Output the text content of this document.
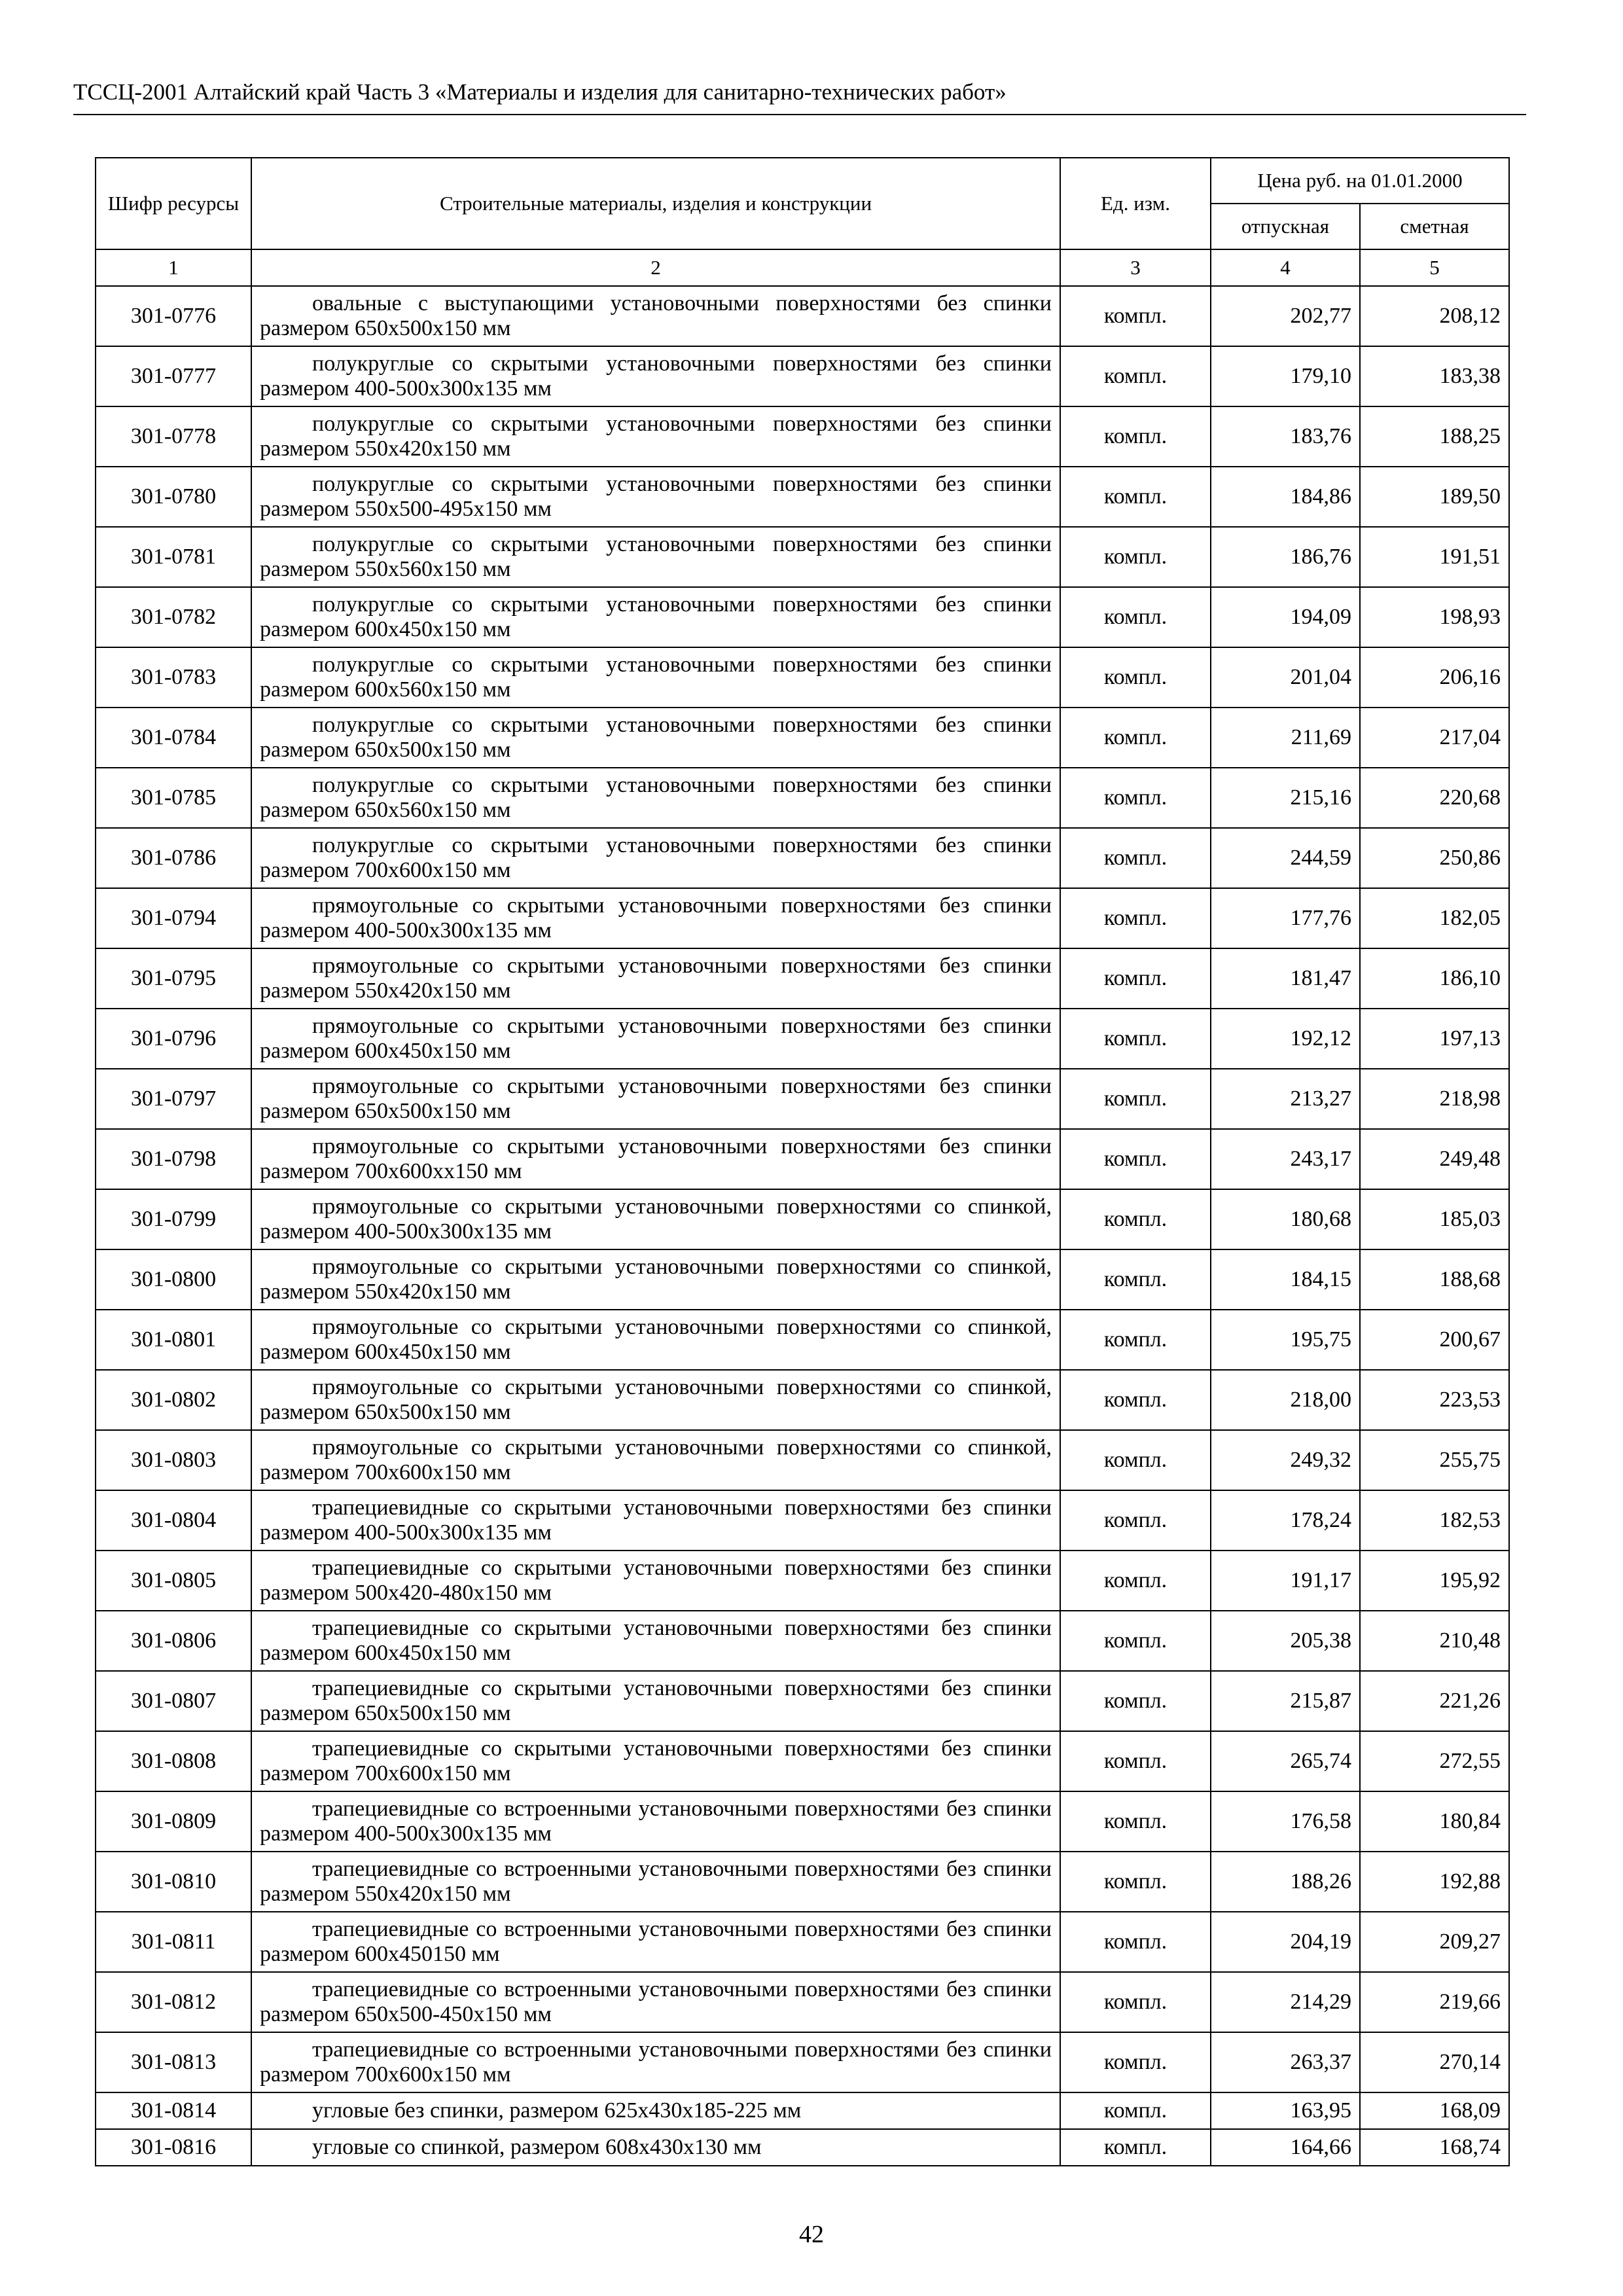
ТССЦ-2001 Алтайский край Часть 3 «Материалы и изделия для санитарно-технических работ»
Шифр ресурсы	Строительные материалы, изделия и конструкции	Ед. изм.	Цена руб. на 01.01.2000	
			отпускная	сметная
1	2	3	4	5
301-0776	овальные с выступающими установочными поверхностями без спинки размером 650х500х150 мм	компл.	202,77	208,12
301-0777	полукруглые со скрытыми установочными поверхностями без спинки размером 400-500х300х135 мм	компл.	179,10	183,38
301-0778	полукруглые со скрытыми установочными поверхностями без спинки размером 550х420х150 мм	компл.	183,76	188,25
301-0780	полукруглые со скрытыми установочными поверхностями без спинки размером 550х500-495х150 мм	компл.	184,86	189,50
301-0781	полукруглые со скрытыми установочными поверхностями без спинки размером 550х560х150 мм	компл.	186,76	191,51
301-0782	полукруглые со скрытыми установочными поверхностями без спинки размером 600х450х150 мм	компл.	194,09	198,93
301-0783	полукруглые со скрытыми установочными поверхностями без спинки размером 600х560х150 мм	компл.	201,04	206,16
301-0784	полукруглые со скрытыми установочными поверхностями без спинки размером 650х500х150 мм	компл.	211,69	217,04
301-0785	полукруглые со скрытыми установочными поверхностями без спинки размером 650х560х150 мм	компл.	215,16	220,68
301-0786	полукруглые со скрытыми установочными поверхностями без спинки размером 700х600х150 мм	компл.	244,59	250,86
301-0794	прямоугольные со скрытыми установочными поверхностями без спинки размером 400-500х300х135 мм	компл.	177,76	182,05
301-0795	прямоугольные со скрытыми установочными поверхностями без спинки размером 550х420х150 мм	компл.	181,47	186,10
301-0796	прямоугольные со скрытыми установочными поверхностями без спинки размером 600х450х150 мм	компл.	192,12	197,13
301-0797	прямоугольные со скрытыми установочными поверхностями без спинки размером 650х500х150 мм	компл.	213,27	218,98
301-0798	прямоугольные со скрытыми установочными поверхностями без спинки размером 700х600хх150 мм	компл.	243,17	249,48
301-0799	прямоугольные со скрытыми установочными поверхностями со спинкой, размером 400-500х300х135 мм	компл.	180,68	185,03
301-0800	прямоугольные со скрытыми установочными поверхностями со спинкой, размером 550х420х150 мм	компл.	184,15	188,68
301-0801	прямоугольные со скрытыми установочными поверхностями со спинкой, размером 600х450х150 мм	компл.	195,75	200,67
301-0802	прямоугольные со скрытыми установочными поверхностями со спинкой, размером 650х500х150 мм	компл.	218,00	223,53
301-0803	прямоугольные со скрытыми установочными поверхностями со спинкой, размером 700х600х150 мм	компл.	249,32	255,75
301-0804	трапециевидные со скрытыми установочными поверхностями без спинки размером 400-500х300х135 мм	компл.	178,24	182,53
301-0805	трапециевидные со скрытыми установочными поверхностями без спинки размером 500х420-480х150 мм	компл.	191,17	195,92
301-0806	трапециевидные со скрытыми установочными поверхностями без спинки размером 600х450х150 мм	компл.	205,38	210,48
301-0807	трапециевидные со скрытыми установочными поверхностями без спинки размером 650х500х150 мм	компл.	215,87	221,26
301-0808	трапециевидные со скрытыми установочными поверхностями без спинки размером 700х600х150 мм	компл.	265,74	272,55
301-0809	трапециевидные со встроенными установочными поверхностями без спинки размером 400-500х300х135 мм	компл.	176,58	180,84
301-0810	трапециевидные со встроенными установочными поверхностями без спинки размером 550х420х150 мм	компл.	188,26	192,88
301-0811	трапециевидные со встроенными установочными поверхностями без спинки размером 600х450150 мм	компл.	204,19	209,27
301-0812	трапециевидные со встроенными установочными поверхностями без спинки размером 650х500-450х150 мм	компл.	214,29	219,66
301-0813	трапециевидные со встроенными установочными поверхностями без спинки размером 700х600х150 мм	компл.	263,37	270,14
301-0814	угловые без спинки, размером 625х430х185-225 мм	компл.	163,95	168,09
301-0816	угловые со спинкой, размером 608х430х130 мм	компл.	164,66	168,74
42
